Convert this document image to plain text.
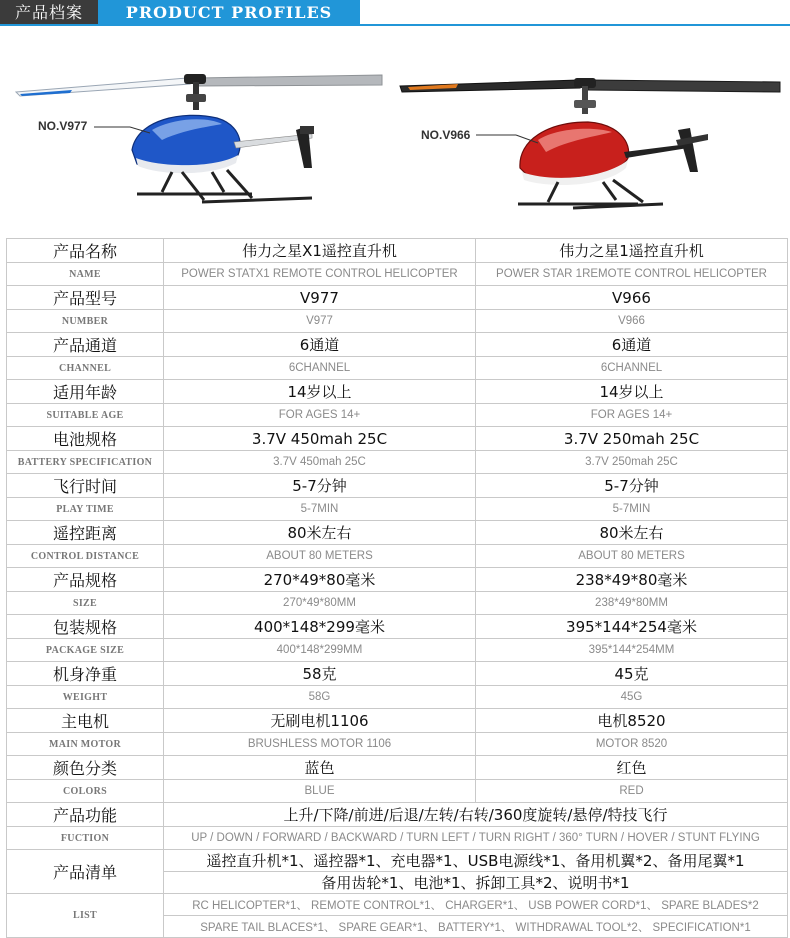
产品档案	PRODUCT PROFILES
NO.V977
NO.V966
产品名称	伟力之星X1遥控直升机	伟力之星1遥控直升机
NAME	POWER STATX1 REMOTE CONTROL HELICOPTER	POWER STAR 1REMOTE CONTROL HELICOPTER
产品型号	V977	V966
NUMBER	V977	V966
产品通道	6通道	6通道
CHANNEL	6CHANNEL	6CHANNEL
适用年龄	14岁以上	14岁以上
SUITABLE AGE	FOR AGES 14+	FOR AGES 14+
电池规格	3.7V 450mah 25C	3.7V 250mah 25C
BATTERY SPECIFICATION	3.7V 450mah 25C	3.7V 250mah 25C
飞行时间	5-7分钟	5-7分钟
PLAY TIME	5-7MIN	5-7MIN
遥控距离	80米左右	80米左右
CONTROL DISTANCE	ABOUT 80 METERS	ABOUT 80 METERS
产品规格	270*49*80毫米	238*49*80毫米
SIZE	270*49*80MM	238*49*80MM
包装规格	400*148*299毫米	395*144*254毫米
PACKAGE SIZE	400*148*299MM	395*144*254MM
机身净重	58克	45克
WEIGHT	58G	45G
主电机	无刷电机1106	电机8520
MAIN MOTOR	BRUSHLESS MOTOR 1106	MOTOR 8520
颜色分类	蓝色	红色
COLORS	BLUE	RED
产品功能	上升/下降/前进/后退/左转/右转/360度旋转/悬停/特技飞行	
FUCTION	UP / DOWN / FORWARD / BACKWARD / TURN LEFT / TURN RIGHT / 360° TURN / HOVER / STUNT FLYING	
产品清单	遥控直升机*1、遥控器*1、充电器*1、USB电源线*1、备用机翼*2、备用尾翼*1	
	备用齿轮*1、电池*1、拆卸工具*2、说明书*1	
LIST	RC HELICOPTER*1、 REMOTE CONTROL*1、 CHARGER*1、 USB POWER CORD*1、 SPARE BLADES*2	
	SPARE TAIL BLACES*1、 SPARE GEAR*1、 BATTERY*1、 WITHDRAWAL TOOL*2、 SPECIFICATION*1	
